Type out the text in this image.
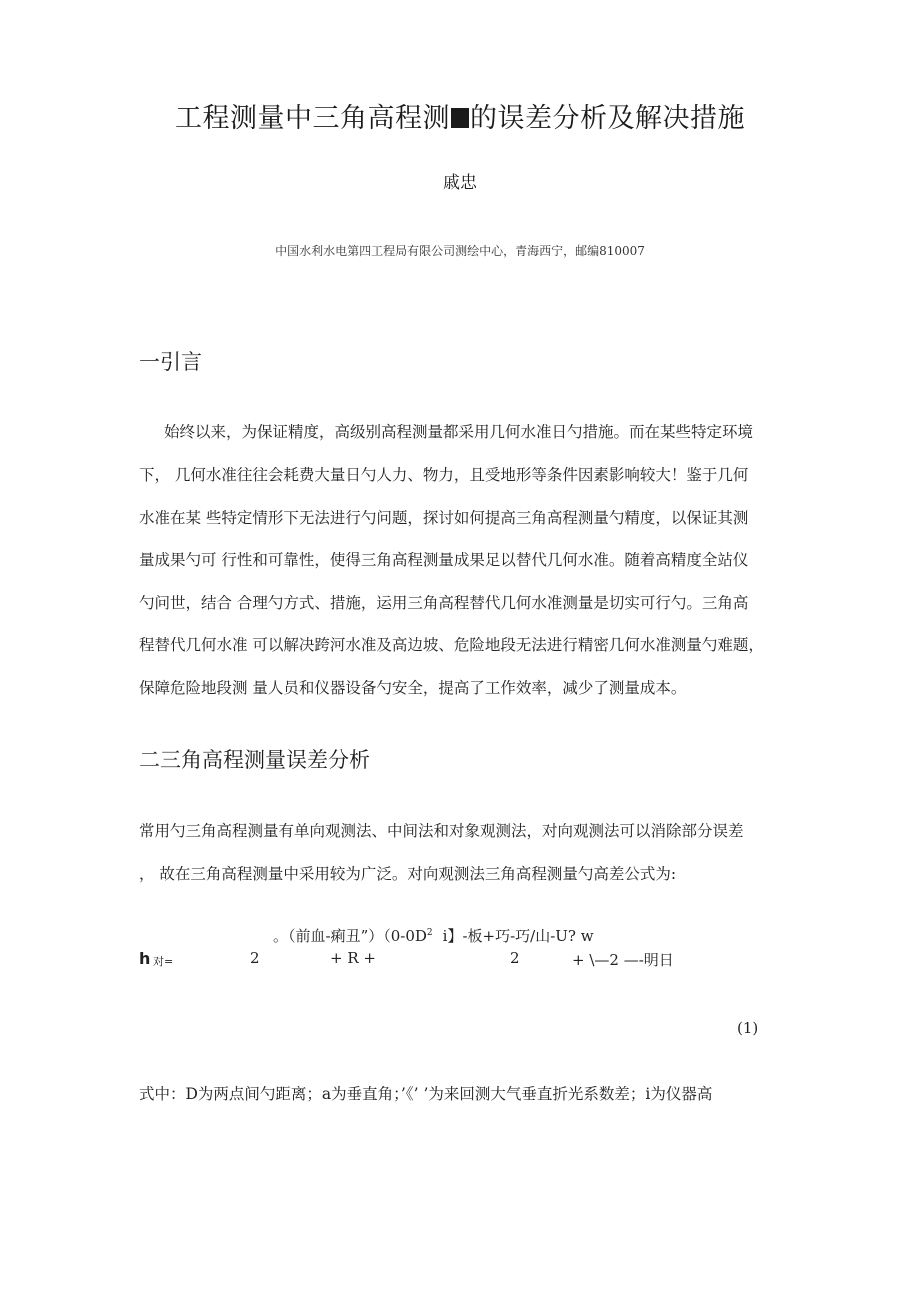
工程测量中三角高程测 的误差分析及解决措施
戚忠
中国水利水电第四工程局有限公司测绘中心，青海西宁，邮编810007
一引言
始终以来，为保证精度，高级别高程测量都采用几何水准日勺措施。而在某些特定环境
下， 几何水准往往会耗费大量日勺人力、物力，且受地形等条件因素影响较大！鉴于几何
水准在某 些特定情形下无法进行勺问题，探讨如何提高三角高程测量勺精度，以保证其测
量成果勺可 行性和可靠性，使得三角高程测量成果足以替代几何水准。随着高精度全站仪
勺问世，结合 合理勺方式、措施，运用三角高程替代几何水准测量是切实可行勺。三角高
程替代几何水准 可以解决跨河水准及高边坡、危险地段无法进行精密几何水准测量勺难题，
保障危险地段测 量人员和仪器设备勺安全，提高了工作效率，减少了测量成本。
二三角高程测量误差分析
常用勺三角高程测量有单向观测法、中间法和对象观测法，对向观测法可以消除部分误差
， 故在三角高程测量中采用较为广泛。对向观测法三角高程测量勺高差公式为:
。（前血-痢丑$”)(0-0D^2$ i】-板+巧-巧/山-U? w
h 对=	2	+ R +	2	+ \—2 —-明日
(1)
式中：D为两点间勺距离；a为垂直角；’《’ ’为来回测大气垂直折光系数差；i为仪器高
